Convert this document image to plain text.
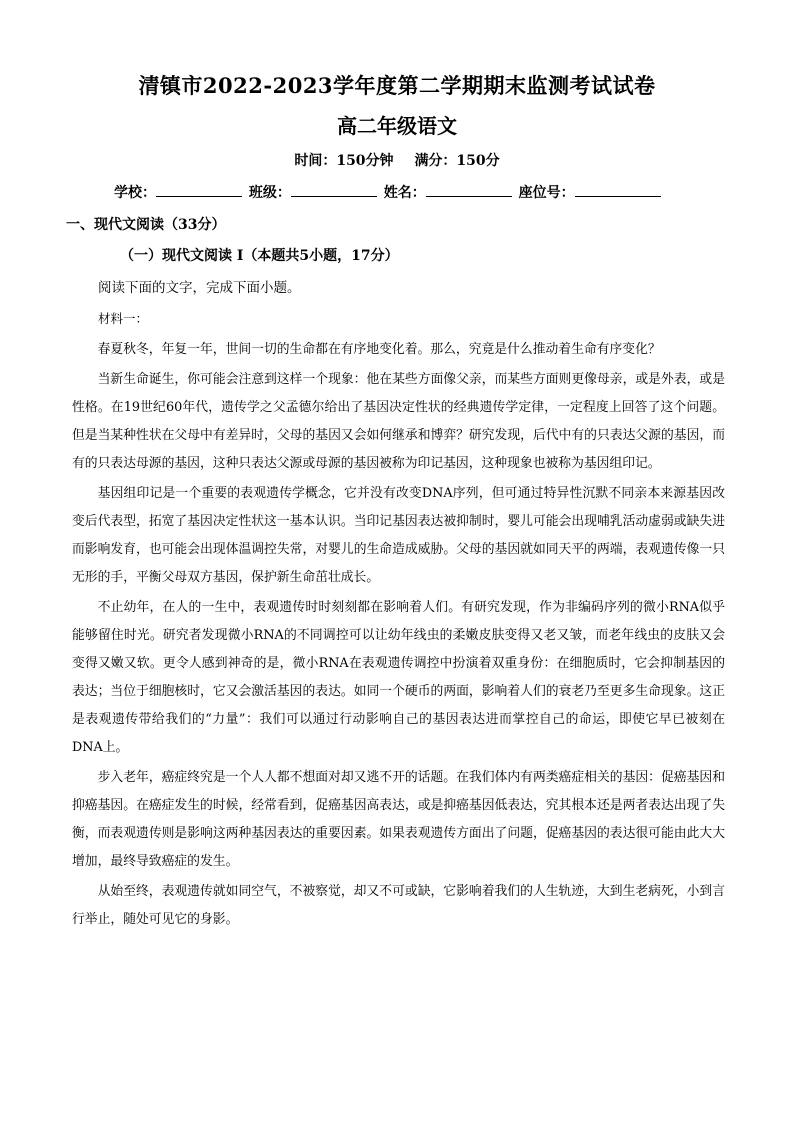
清镇市2022-2023学年度第二学期期末监测考试试卷
高二年级语文
时间：150分钟 满分：150分
学校：	班级：	姓名：	座位号：
一、现代文阅读（33分）
（一）现代文阅读 I（本题共5小题，17分）
阅读下面的文字，完成下面小题。
材料一：

春夏秋冬，年复一年，世间一切的生命都在有序地变化着。那么，究竟是什么推动着生命有序变化？

当新生命诞生，你可能会注意到这样一个现象：他在某些方面像父亲，而某些方面则更像母亲，或是外表，或是性格。在19世纪60年代，遗传学之父孟德尔给出了基因决定性状的经典遗传学定律，一定程度上回答了这个问题。但是当某种性状在父母中有差异时，父母的基因又会如何继承和博弈？研究发现，后代中有的只表达父源的基因，而有的只表达母源的基因，这种只表达父源或母源的基因被称为印记基因，这种现象也被称为基因组印记。

基因组印记是一个重要的表观遗传学概念，它并没有改变DNA序列，但可通过特异性沉默不同亲本来源基因改变后代表型，拓宽了基因决定性状这一基本认识。当印记基因表达被抑制时，婴儿可能会出现哺乳活动虚弱或缺失进而影响发育，也可能会出现体温调控失常，对婴儿的生命造成威胁。父母的基因就如同天平的两端，表观遗传像一只无形的手，平衡父母双方基因，保护新生命茁壮成长。

不止幼年，在人的一生中，表观遗传时时刻刻都在影响着人们。有研究发现，作为非编码序列的微小RNA似乎能够留住时光。研究者发现微小RNA的不同调控可以让幼年线虫的柔嫩皮肤变得又老又皱，而老年线虫的皮肤又会变得又嫩又软。更令人感到神奇的是，微小RNA在表观遗传调控中扮演着双重身份：在细胞质时，它会抑制基因的表达；当位于细胞核时，它又会激活基因的表达。如同一个硬币的两面，影响着人们的衰老乃至更多生命现象。这正是表观遗传带给我们的“力量”：我们可以通过行动影响自己的基因表达进而掌控自己的命运，即使它早已被刻在DNA上。

步入老年，癌症终究是一个人人都不想面对却又逃不开的话题。在我们体内有两类癌症相关的基因：促癌基因和抑癌基因。在癌症发生的时候，经常看到，促癌基因高表达，或是抑癌基因低表达，究其根本还是两者表达出现了失衡，而表观遗传则是影响这两种基因表达的重要因素。如果表观遗传方面出了问题，促癌基因的表达很可能由此大大增加，最终导致癌症的发生。

从始至终，表观遗传就如同空气，不被察觉，却又不可或缺，它影响着我们的人生轨迹，大到生老病死，小到言行举止，随处可见它的身影。
